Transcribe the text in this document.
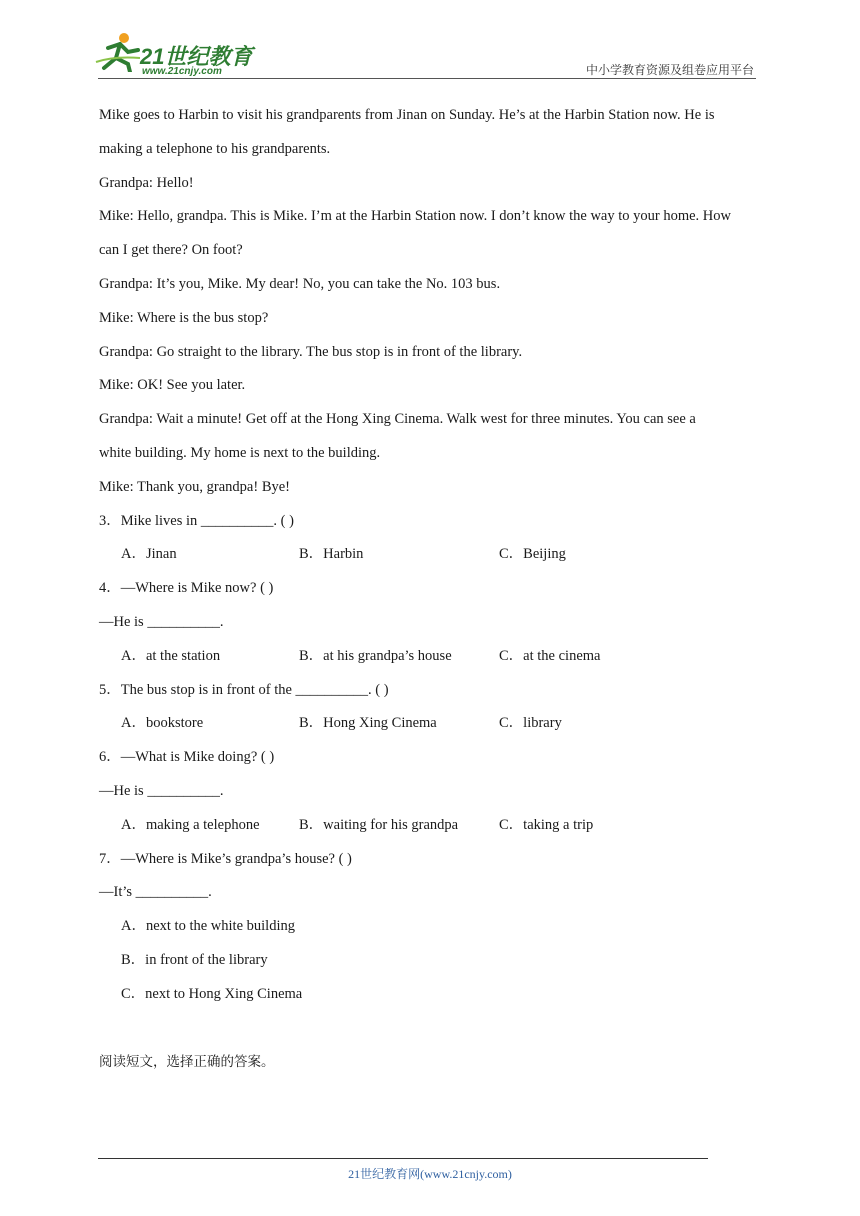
21世纪教育
www.21cnjy.com	中小学教育资源及组卷应用平台
Mike goes to Harbin to visit his grandparents from Jinan on Sunday. He’s at the Harbin Station now. He is
making a telephone to his grandparents.
Grandpa: Hello!
Mike: Hello, grandpa. This is Mike. I’m at the Harbin Station now. I don’t know the way to your home. How
can I get there? On foot?
Grandpa: It’s you, Mike. My dear! No, you can take the No. 103 bus.
Mike: Where is the bus stop?
Grandpa: Go straight to the library. The bus stop is in front of the library.
Mike: OK! See you later.
Grandpa: Wait a minute! Get off at the Hong Xing Cinema. Walk west for three minutes. You can see a
white building. My home is next to the building.
Mike: Thank you, grandpa! Bye!
3．Mike lives in __________. ( )
A．Jinan	B．Harbin	C．Beijing
4．—Where is Mike now? ( )
—He is __________.
A．at the station	B．at his grandpa’s house	C．at the cinema
5．The bus stop is in front of the __________. ( )
A．bookstore	B．Hong Xing Cinema	C．library
6．—What is Mike doing? ( )
—He is __________.
A．making a telephone	B．waiting for his grandpa	C．taking a trip
7．—Where is Mike’s grandpa’s house? ( )
—It’s __________.
A．next to the white building
B．in front of the library
C．next to Hong Xing Cinema
阅读短文，选择正确的答案。
21世纪教育网(www.21cnjy.com)
